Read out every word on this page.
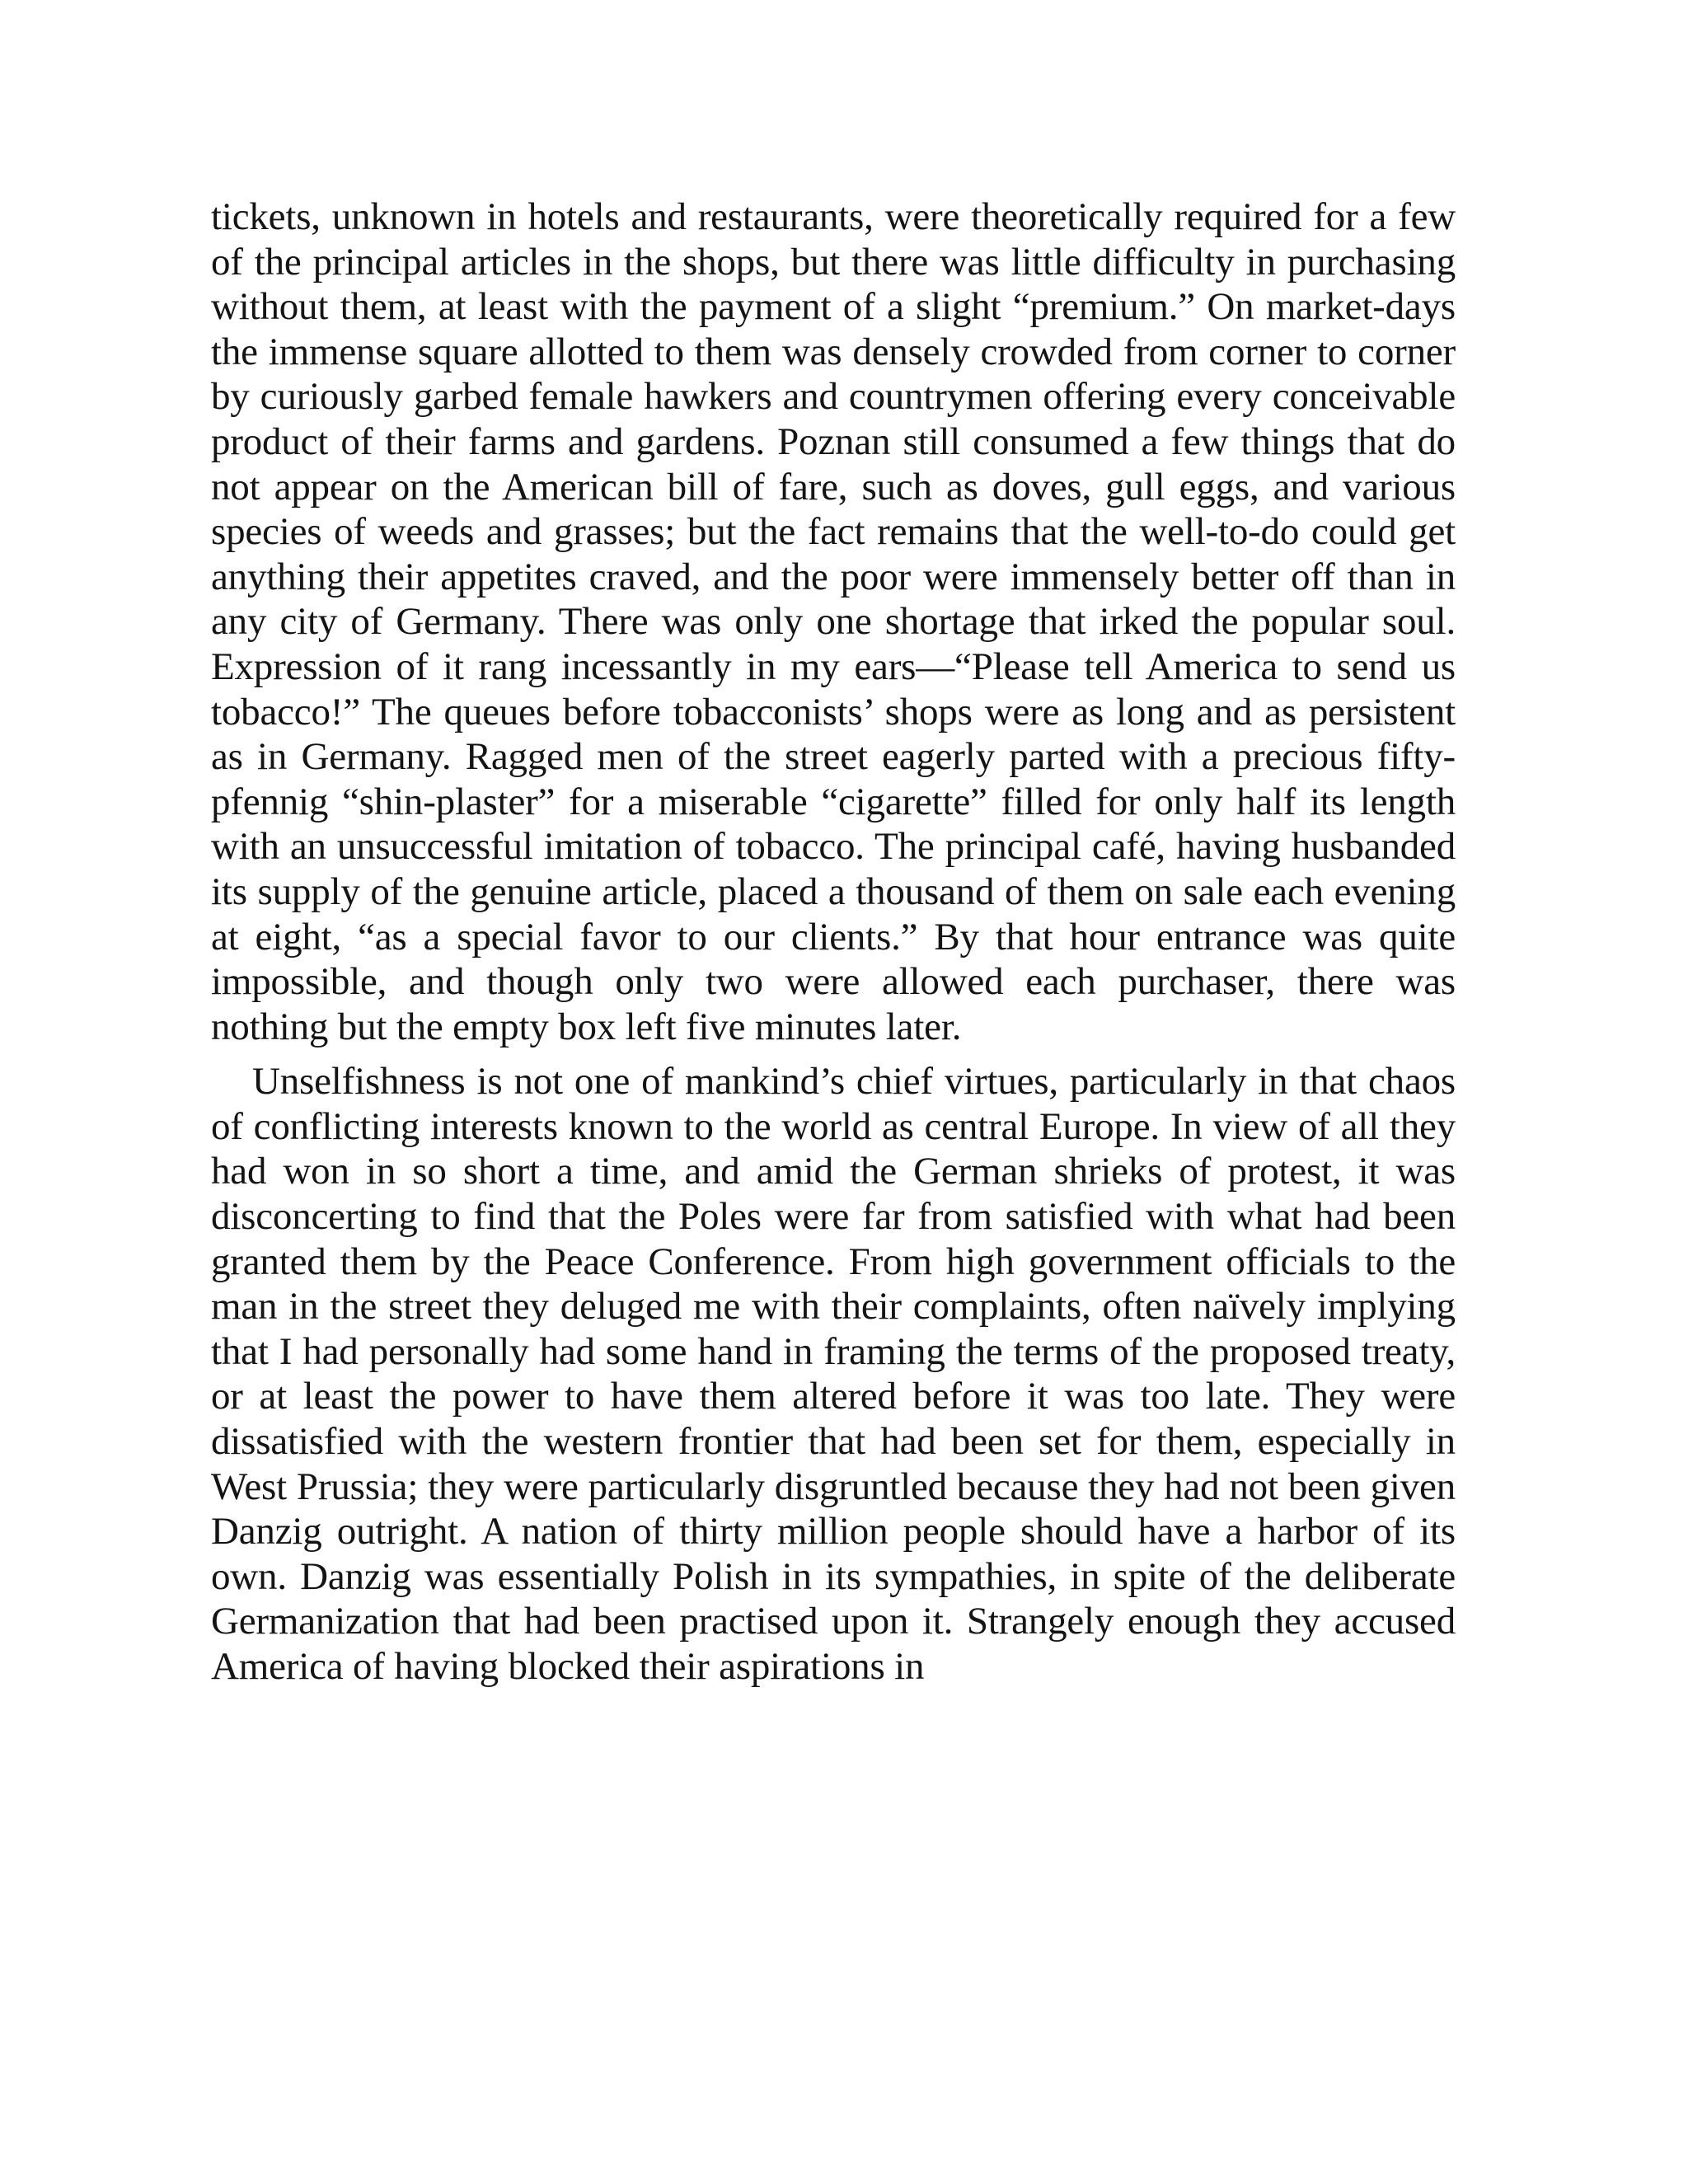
tickets, unknown in hotels and restaurants, were theoretically required for a few of the principal articles in the shops, but there was little difficulty in purchasing without them, at least with the payment of a slight “premium.” On market-days the immense square allotted to them was densely crowded from corner to corner by curiously garbed female hawkers and countrymen offering every conceivable product of their farms and gardens. Poznan still consumed a few things that do not appear on the American bill of fare, such as doves, gull eggs, and various species of weeds and grasses; but the fact remains that the well-to-do could get anything their appetites craved, and the poor were immensely better off than in any city of Germany. There was only one shortage that irked the popular soul. Expression of it rang incessantly in my ears—“Please tell America to send us tobacco!” The queues before tobacconists’ shops were as long and as persistent as in Germany. Ragged men of the street eagerly parted with a precious fifty-pfennig “shin-plaster” for a miserable “cigarette” filled for only half its length with an unsuccessful imitation of tobacco. The principal café, having husbanded its supply of the genuine article, placed a thousand of them on sale each evening at eight, “as a special favor to our clients.” By that hour entrance was quite impossible, and though only two were allowed each purchaser, there was nothing but the empty box left five minutes later.

Unselfishness is not one of mankind’s chief virtues, particularly in that chaos of conflicting interests known to the world as central Europe. In view of all they had won in so short a time, and amid the German shrieks of protest, it was disconcerting to find that the Poles were far from satisfied with what had been granted them by the Peace Conference. From high government officials to the man in the street they deluged me with their complaints, often naïvely implying that I had personally had some hand in framing the terms of the proposed treaty, or at least the power to have them altered before it was too late. They were dissatisfied with the western frontier that had been set for them, especially in West Prussia; they were particularly disgruntled because they had not been given Danzig outright. A nation of thirty million people should have a harbor of its own. Danzig was essentially Polish in its sympathies, in spite of the deliberate Germanization that had been practised upon it. Strangely enough they accused America of having blocked their aspirations in
